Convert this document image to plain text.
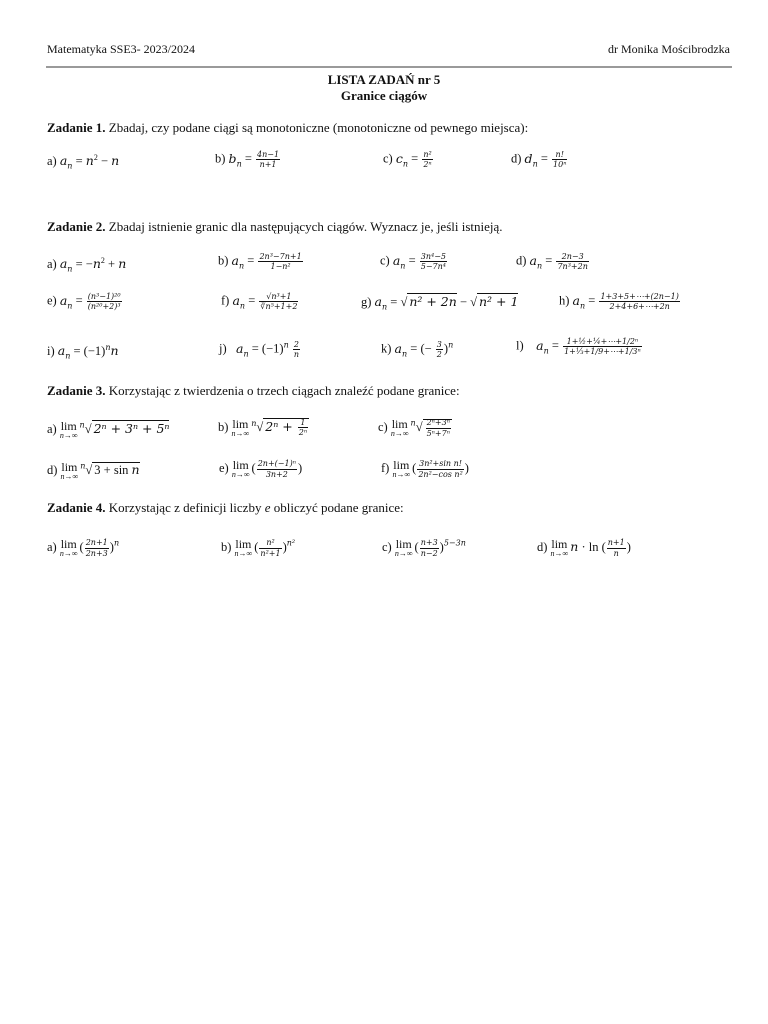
Matematyka SSE3- 2023/2024	dr Monika Mościbrodzka
LISTA ZADAŃ nr 5
Granice ciągów
Zadanie 1. Zbadaj, czy podane ciągi są monotoniczne (monotoniczne od pewnego miejsca):
a) $a_n = n^2 - n$	b) $b_n = \frac{4n-1}{n+1}$	c) $c_n = \frac{\text{n²}}{\text{2ⁿ}}$	d) $d_n = \frac{n!}{\text{10ⁿ}}$
Zadanie 2. Zbadaj istnienie granic dla następujących ciągów. Wyznacz je, jeśli istnieją.
a) $a_n = -n^2 + n$	b) $a_n = \frac{\text{2n³−7n+1}}{\text{1−n²}}$	c) $a_n = \frac{\text{3n⁴−5}}{\text{5−7n⁴}}$	d) $a_n = \frac{2n-3}{\text{7n³+2n}}$
e) $a_n = \frac{\text{(n³−1)²⁰}}{\text{(n²⁰+2)³}}$	f) $a_n = \frac{\text{√n³+1}}{\text{∛n⁵+1+2}}$	g) $a_n$ = √ n² + 2n − √ n² + 1	h) $a_n = \frac{1+3+5+\cdots+(2n-1)}{2+4+6+\cdots+2n}$
i) $a_n = (-1)^nn$	j)   $a_n = (-1)^n \frac{2}{n}$	k) $a_n$ = (− $\frac{3}{2} )^n$	l)    $a_n = \frac{\text{1+½+¼+⋯+1/2ⁿ}}{\text{1+⅓+1/9+⋯+1/3ⁿ}}$
Zadanie 3. Korzystając z twierdzenia o trzech ciągach znaleźć podane granice:
a) lim
n→∞
$^n$√ 2ⁿ + 3ⁿ + 5ⁿ	b) lim
n→∞
$^n$√ $2^n + \frac{1}{\text{2ⁿ}}$	c) lim
n→∞
$^n√ \frac{\text{2ⁿ+3ⁿ}}{\text{5ⁿ+7ⁿ}}$
d) lim
n→∞
$^n$√ 3 + sin n	e) lim
n→∞ ( $\frac{\text{2n+(−1)ⁿ}}{3n+2}$ )	f) lim
n→∞ ( $\frac{\text{3n²+sin n!}}{\text{2n²−cos n²}}$ )
Zadanie 4. Korzystając z definicji liczby e obliczyć podane granice:
a) lim
n→∞ ( $\frac{2n+1}{2n+3} )^n$	b) lim
n→∞ ( $\frac{\text{n²}}{\text{n²+1}} )^{n^2}$	c) lim
n→∞ ( $\frac{n+3}{n-2} )^{5-3n}$	d) lim
n→∞ n · ln ( $\frac{n+1}{n}$ )
